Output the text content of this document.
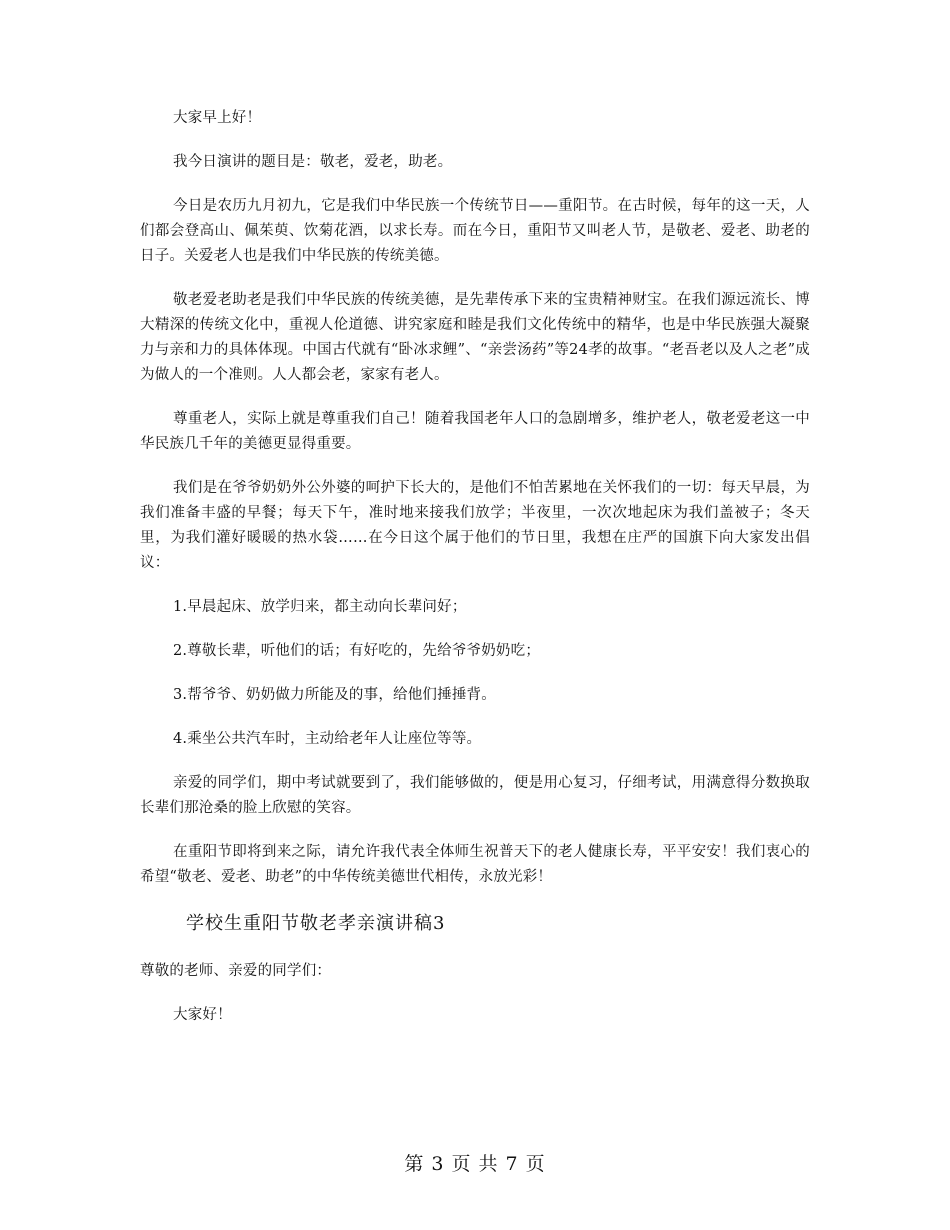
大家早上好！

我今日演讲的题目是：敬老，爱老，助老。

今日是农历九月初九，它是我们中华民族一个传统节日——重阳节。在古时候，每年的这一天，人们都会登高山、佩茱萸、饮菊花酒，以求长寿。而在今日，重阳节又叫老人节，是敬老、爱老、助老的日子。关爱老人也是我们中华民族的传统美德。

敬老爱老助老是我们中华民族的传统美德，是先辈传承下来的宝贵精神财宝。在我们源远流长、博大精深的传统文化中，重视人伦道德、讲究家庭和睦是我们文化传统中的精华，也是中华民族强大凝聚力与亲和力的具体体现。中国古代就有“卧冰求鲤”、“亲尝汤药”等24孝的故事。“老吾老以及人之老”成为做人的一个准则。人人都会老，家家有老人。

尊重老人，实际上就是尊重我们自己！随着我国老年人口的急剧增多，维护老人，敬老爱老这一中华民族几千年的美德更显得重要。

我们是在爷爷奶奶外公外婆的呵护下长大的，是他们不怕苦累地在关怀我们的一切：每天早晨，为我们准备丰盛的早餐；每天下午，准时地来接我们放学；半夜里，一次次地起床为我们盖被子；冬天里，为我们灌好暖暖的热水袋……在今日这个属于他们的节日里，我想在庄严的国旗下向大家发出倡议：

1.早晨起床、放学归来，都主动向长辈问好；

2.尊敬长辈，听他们的话；有好吃的，先给爷爷奶奶吃；

3.帮爷爷、奶奶做力所能及的事，给他们捶捶背。

4.乘坐公共汽车时，主动给老年人让座位等等。

亲爱的同学们，期中考试就要到了，我们能够做的，便是用心复习，仔细考试，用满意得分数换取长辈们那沧桑的脸上欣慰的笑容。

在重阳节即将到来之际，请允许我代表全体师生祝普天下的老人健康长寿，平平安安！我们衷心的希望“敬老、爱老、助老”的中华传统美德世代相传，永放光彩！

学校生重阳节敬老孝亲演讲稿3

尊敬的老师、亲爱的同学们：

大家好！

第 3 页 共 7 页
